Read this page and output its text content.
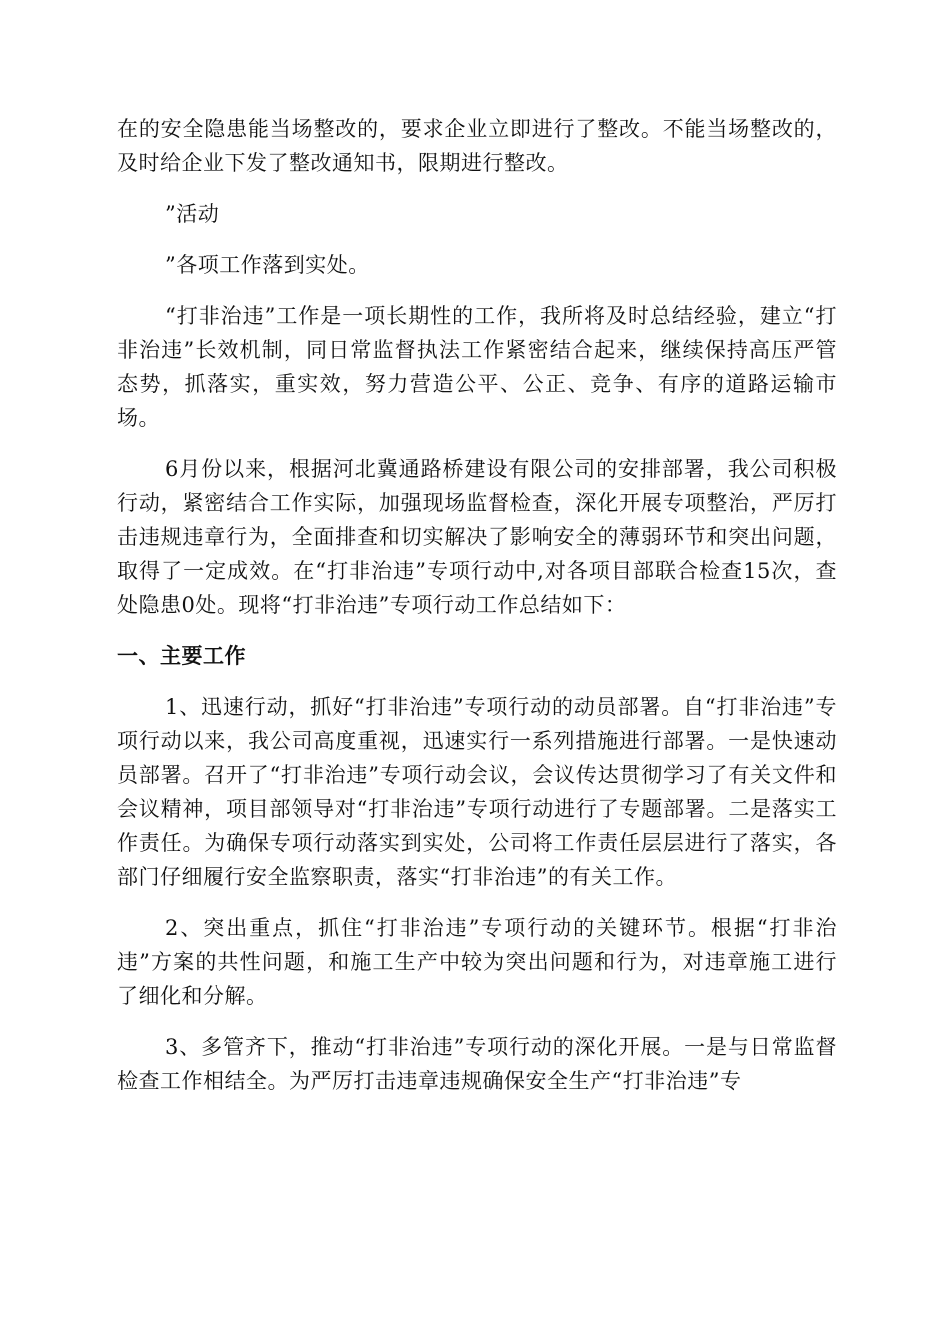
在的安全隐患能当场整改的，要求企业立即进行了整改。不能当场整改的，及时给企业下发了整改通知书，限期进行整改。

”活动

”各项工作落到实处。

“打非治违”工作是一项长期性的工作，我所将及时总结经验，建立“打非治违”长效机制，同日常监督执法工作紧密结合起来，继续保持高压严管态势，抓落实，重实效，努力营造公平、公正、竞争、有序的道路运输市场。

6月份以来，根据河北冀通路桥建设有限公司的安排部署，我公司积极行动，紧密结合工作实际，加强现场监督检查，深化开展专项整治，严厉打击违规违章行为，全面排查和切实解决了影响安全的薄弱环节和突出问题，取得了一定成效。在“打非治违”专项行动中,对各项目部联合检查15次，查处隐患0处。现将“打非治违”专项行动工作总结如下：

一、主要工作

1、迅速行动，抓好“打非治违”专项行动的动员部署。自“打非治违”专项行动以来，我公司高度重视，迅速实行一系列措施进行部署。一是快速动员部署。召开了“打非治违”专项行动会议，会议传达贯彻学习了有关文件和会议精神，项目部领导对“打非治违”专项行动进行了专题部署。二是落实工作责任。为确保专项行动落实到实处，公司将工作责任层层进行了落实，各部门仔细履行安全监察职责，落实“打非治违”的有关工作。

2、突出重点，抓住“打非治违”专项行动的关键环节。根据“打非治违”方案的共性问题，和施工生产中较为突出问题和行为，对违章施工进行了细化和分解。

3、多管齐下，推动“打非治违”专项行动的深化开展。一是与日常监督检查工作相结全。为严厉打击违章违规确保安全生产“打非治违”专
